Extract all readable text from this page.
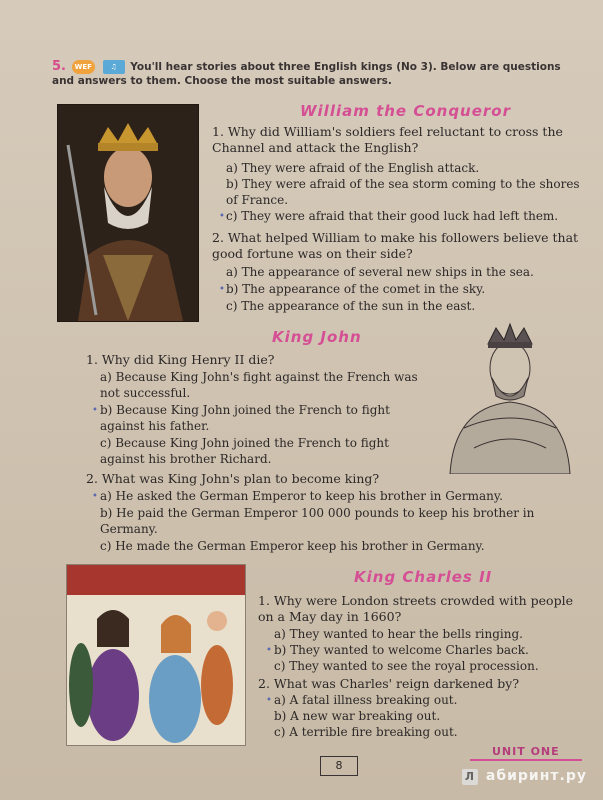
5. WEF	♫ You'll hear stories about three English kings (No 3). Below are questions and answers to them. Choose the most suitable answers.
William the Conqueror
1. Why did William's soldiers feel reluctant to cross the Channel and attack the English?
a) They were afraid of the English attack.
b) They were afraid of the sea storm coming to the shores of France.
• c) They were afraid that their good luck had left them.
2. What helped William to make his followers believe that good fortune was on their side?
a) The appearance of several new ships in the sea.
• b) The appearance of the comet in the sky.
c) The appearance of the sun in the east.
King John
1. Why did King Henry II die?
a) Because King John's fight against the French was not successful.
• b) Because King John joined the French to fight against his father.
c) Because King John joined the French to fight against his brother Richard.
2. What was King John's plan to become king?
• a) He asked the German Emperor to keep his brother in Germany.
b) He paid the German Emperor 100 000 pounds to keep his brother in Germany.
c) He made the German Emperor keep his brother in Germany.
King Charles II
1. Why were London streets crowded with people on a May day in 1660?
a) They wanted to hear the bells ringing.
• b) They wanted to welcome Charles back.
c) They wanted to see the royal procession.
2. What was Charles' reign darkened by?
• a) A fatal illness breaking out.
b) A new war breaking out.
c) A terrible fire breaking out.
8
UNIT ONE
Л абиринт.ру
